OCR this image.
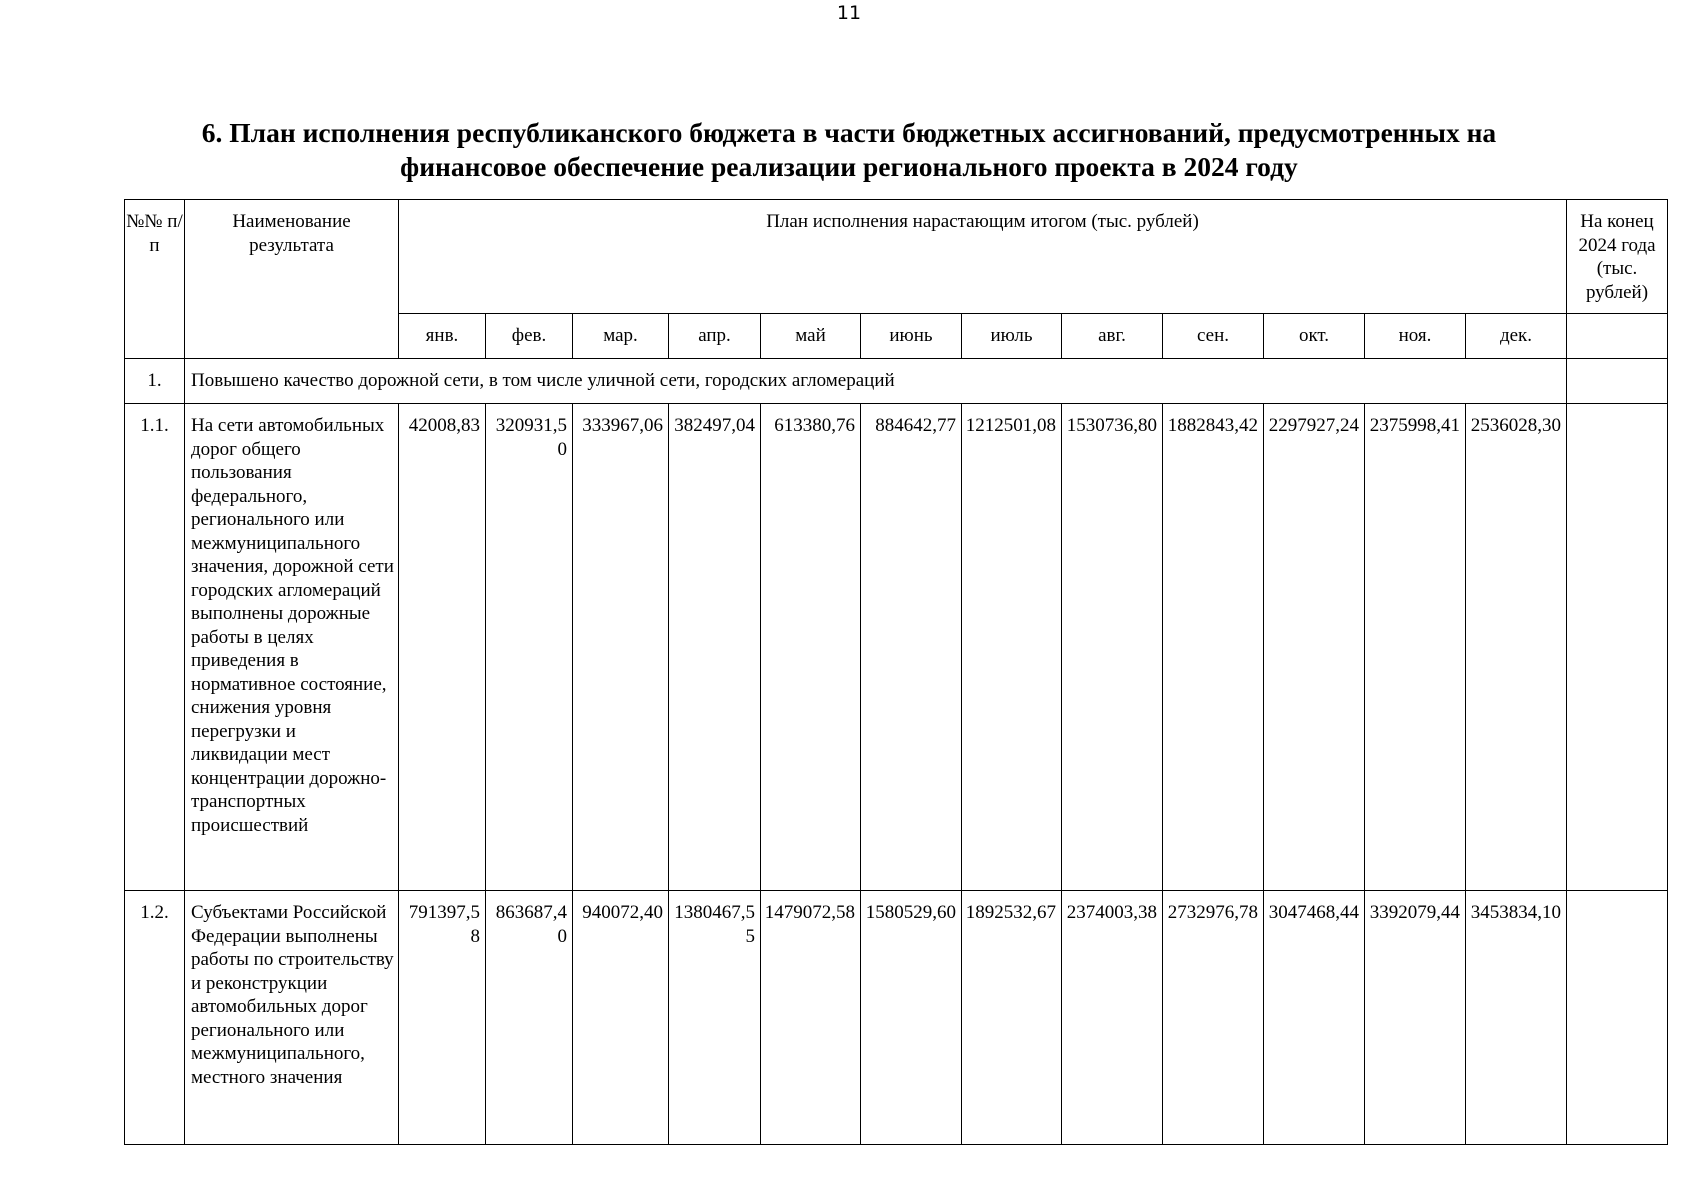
11
6. План исполнения республиканского бюджета в части бюджетных ассигнований, предусмотренных на
финансовое обеспечение реализации регионального проекта в 2024 году
№№ п/п	Наименование результата	План исполнения нарастающим итогом (тыс. рублей)												На конец 2024 года (тыс. рублей)
		янв.	фев.	мар.	апр.	май	июнь	июль	авг.	сен.	окт.	ноя.	дек.	
1.	Повышено качество дорожной сети, в том числе уличной сети, городских агломераций													
1.1.	На сети автомобильных дорог общего пользования федерального, регионального или межмуниципального значения, дорожной сети городских агломераций выполнены дорожные работы в целях приведения в нормативное состояние, снижения уровня перегрузки и ликвидации мест концентрации дорожно-транспортных происшествий	42008,83	320931,50	333967,06	382497,04	613380,76	884642,77	1212501,08	1530736,80	1882843,42	2297927,24	2375998,41	2536028,30	
1.2.	Субъектами Российской Федерации выполнены работы по строительству и реконструкции автомобильных дорог регионального или межмуниципального, местного значения	791397,58	863687,40	940072,40	1380467,55	1479072,58	1580529,60	1892532,67	2374003,38	2732976,78	3047468,44	3392079,44	3453834,10	
